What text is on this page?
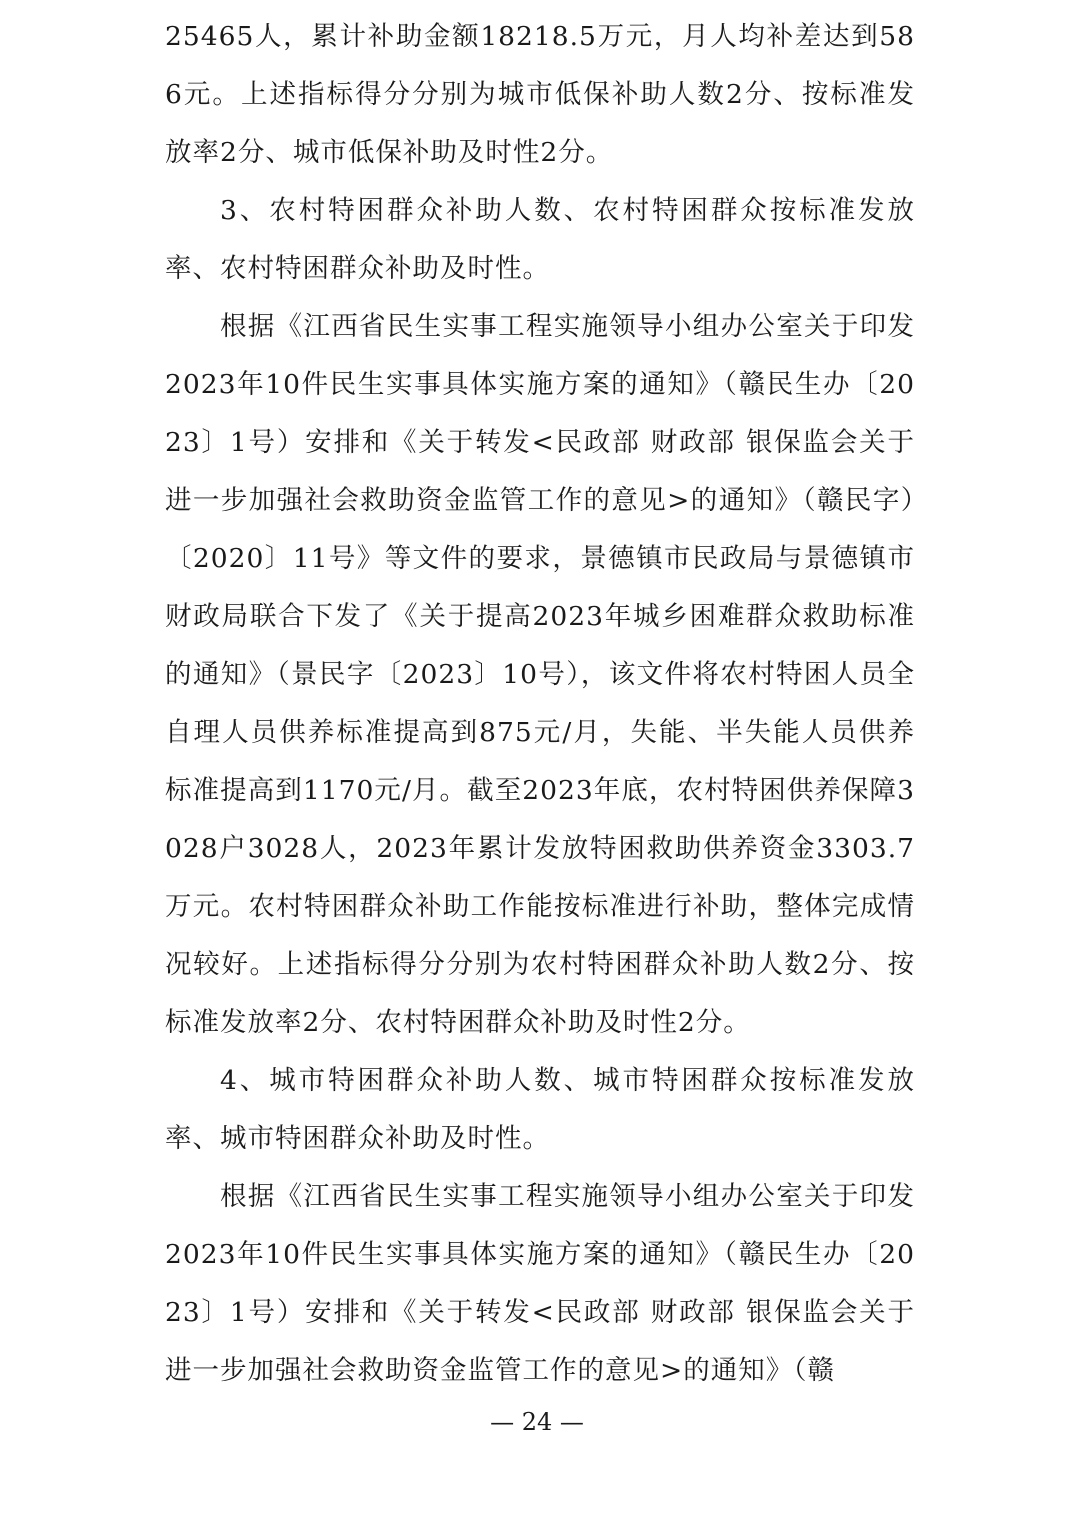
25465人，累计补助金额18218.5万元，月人均补差达到586元。上述指标得分分别为城市低保补助人数2分、按标准发放率2分、城市低保补助及时性2分。

3、农村特困群众补助人数、农村特困群众按标准发放率、农村特困群众补助及时性。

根据《江西省民生实事工程实施领导小组办公室关于印发2023年10件民生实事具体实施方案的通知》（赣民生办〔2023〕1号）安排和《关于转发<民政部 财政部 银保监会关于进一步加强社会救助资金监管工作的意见>的通知》（赣民字）〔2020〕11号》等文件的要求，景德镇市民政局与景德镇市财政局联合下发了《关于提高2023年城乡困难群众救助标准的通知》（景民字〔2023〕10号），该文件将农村特困人员全自理人员供养标准提高到875元/月，失能、半失能人员供养标准提高到1170元/月。截至2023年底，农村特困供养保障3028户3028人，2023年累计发放特困救助供养资金3303.7万元。农村特困群众补助工作能按标准进行补助，整体完成情况较好。上述指标得分分别为农村特困群众补助人数2分、按标准发放率2分、农村特困群众补助及时性2分。

4、城市特困群众补助人数、城市特困群众按标准发放率、城市特困群众补助及时性。

根据《江西省民生实事工程实施领导小组办公室关于印发2023年10件民生实事具体实施方案的通知》（赣民生办〔2023〕1号）安排和《关于转发<民政部 财政部 银保监会关于进一步加强社会救助资金监管工作的意见>的通知》（赣

— 24 —
